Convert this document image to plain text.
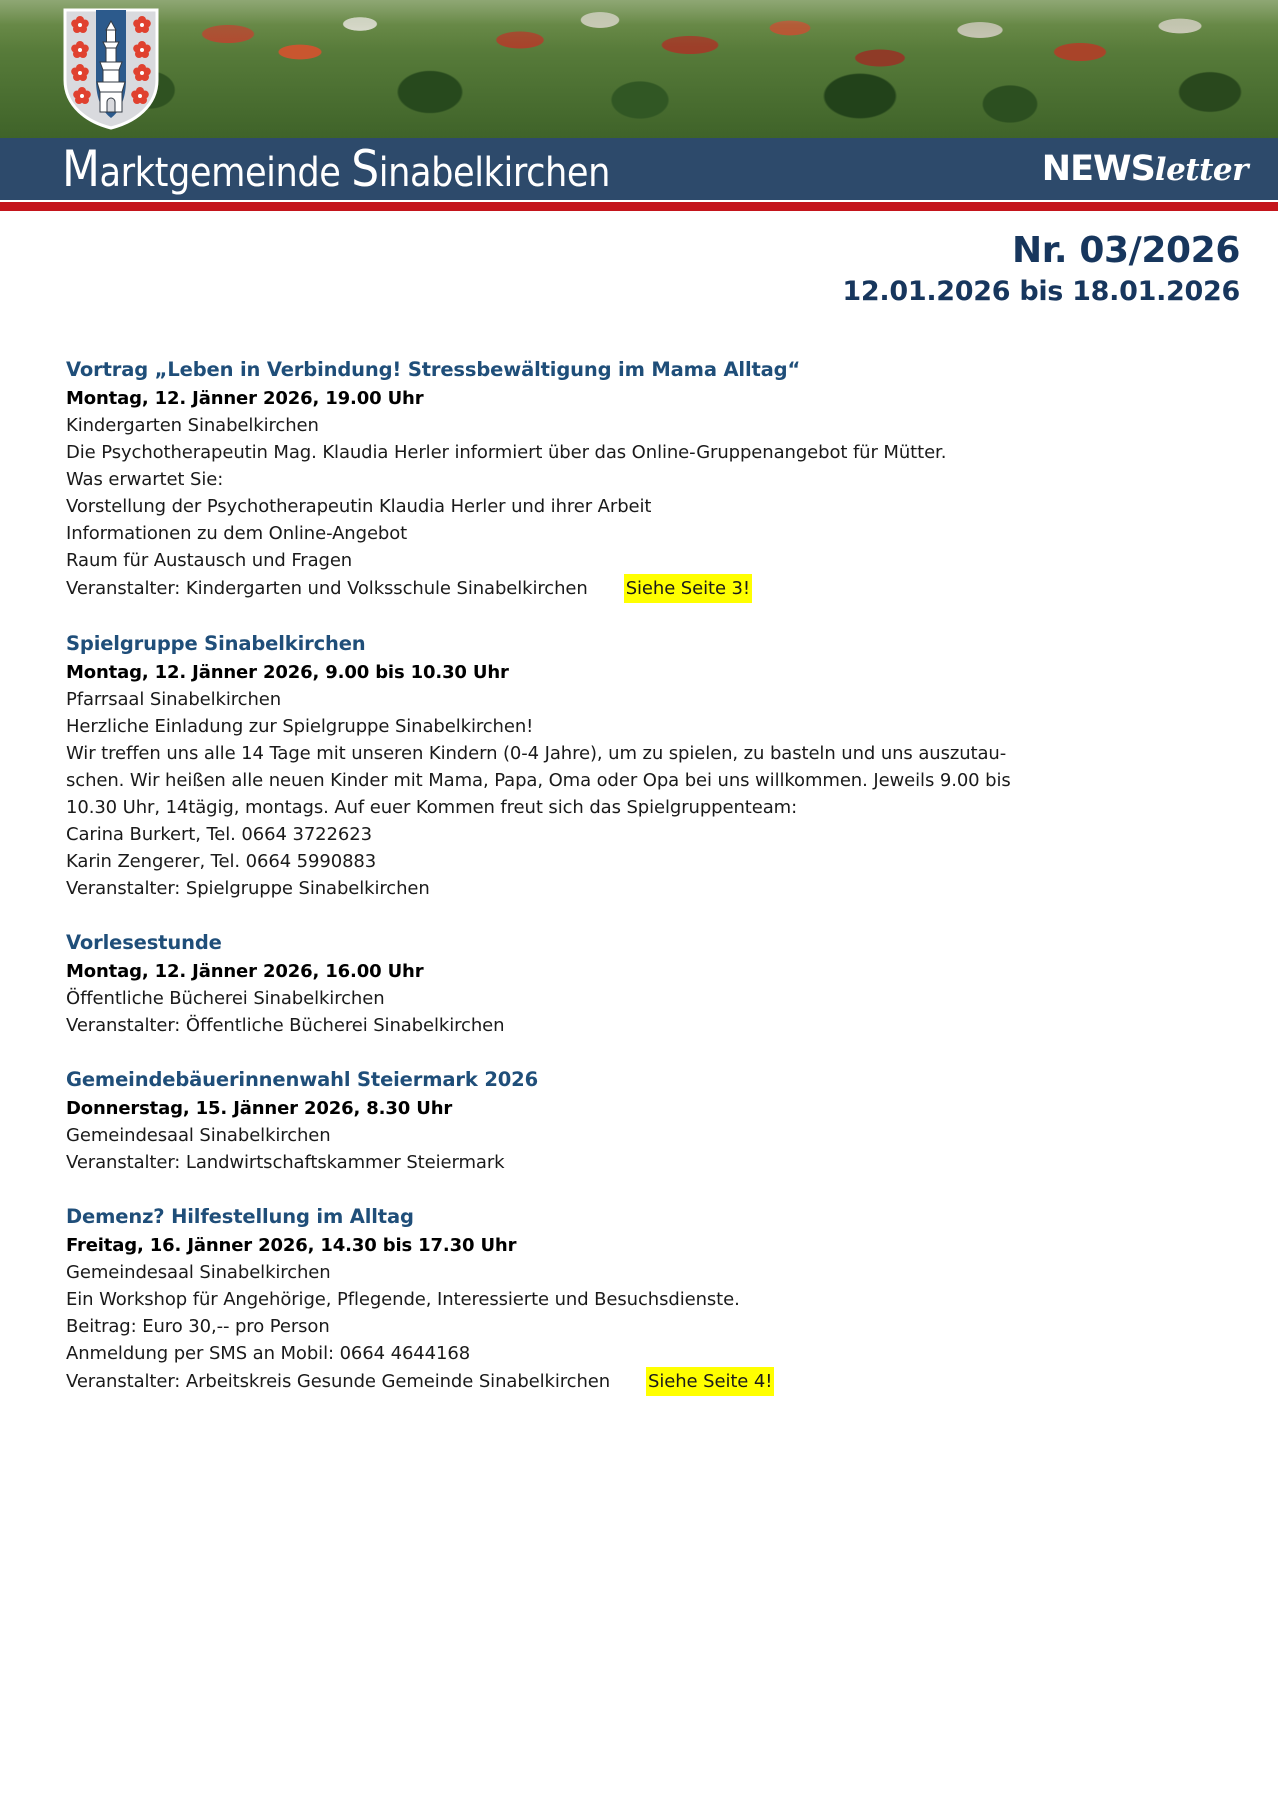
Marktgemeinde Sinabelkirchen	NEWSletter
Nr. 03/2026
12.01.2026 bis 18.01.2026
Vortrag „Leben in Verbindung! Stressbewältigung im Mama Alltag“
Montag, 12. Jänner 2026, 19.00 Uhr
Kindergarten Sinabelkirchen
Die Psychotherapeutin Mag. Klaudia Herler informiert über das Online-Gruppenangebot für Mütter.
Was erwartet Sie:
Vorstellung der Psychotherapeutin Klaudia Herler und ihrer Arbeit
Informationen zu dem Online-Angebot
Raum für Austausch und Fragen
Veranstalter: Kindergarten und Volksschule Sinabelkirchen Siehe Seite 3!
Spielgruppe Sinabelkirchen
Montag, 12. Jänner 2026, 9.00 bis 10.30 Uhr
Pfarrsaal Sinabelkirchen
Herzliche Einladung zur Spielgruppe Sinabelkirchen!
Wir treffen uns alle 14 Tage mit unseren Kindern (0-4 Jahre), um zu spielen, zu basteln und uns auszutau-
schen. Wir heißen alle neuen Kinder mit Mama, Papa, Oma oder Opa bei uns willkommen. Jeweils 9.00 bis
10.30 Uhr, 14tägig, montags. Auf euer Kommen freut sich das Spielgruppenteam:
Carina Burkert, Tel. 0664 3722623
Karin Zengerer, Tel. 0664 5990883
Veranstalter: Spielgruppe Sinabelkirchen
Vorlesestunde
Montag, 12. Jänner 2026, 16.00 Uhr
Öffentliche Bücherei Sinabelkirchen
Veranstalter: Öffentliche Bücherei Sinabelkirchen
Gemeindebäuerinnenwahl Steiermark 2026
Donnerstag, 15. Jänner 2026, 8.30 Uhr
Gemeindesaal Sinabelkirchen
Veranstalter: Landwirtschaftskammer Steiermark
Demenz? Hilfestellung im Alltag
Freitag, 16. Jänner 2026, 14.30 bis 17.30 Uhr
Gemeindesaal Sinabelkirchen
Ein Workshop für Angehörige, Pflegende, Interessierte und Besuchsdienste.
Beitrag: Euro 30,-- pro Person
Anmeldung per SMS an Mobil: 0664 4644168
Veranstalter: Arbeitskreis Gesunde Gemeinde Sinabelkirchen Siehe Seite 4!
